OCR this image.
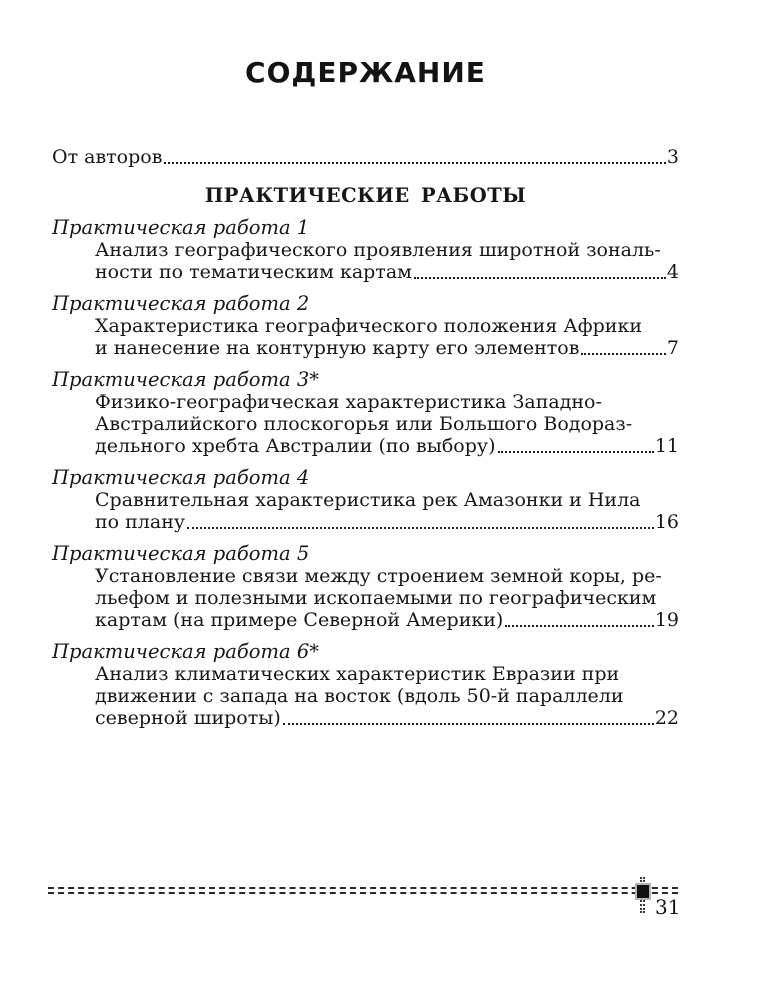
СОДЕРЖАНИЕ
От авторов	3
ПРАКТИЧЕСКИЕ РАБОТЫ
Практическая работа 1
Анализ географического проявления широтной зональ-
ности по тематическим картам	4
Практическая работа 2
Характеристика географического положения Африки
и нанесение на контурную карту его элементов	7
Практическая работа 3*
Физико-географическая характеристика Западно-
Австралийского плоскогорья или Большого Водораз-
дельного хребта Австралии (по выбору)	11
Практическая работа 4
Сравнительная характеристика рек Амазонки и Нила
по плану	16
Практическая работа 5
Установление связи между строением земной коры, ре-
льефом и полезными ископаемыми по географическим
картам (на примере Северной Америки)	19
Практическая работа 6*
Анализ климатических характеристик Евразии при
движении с запада на восток (вдоль 50-й параллели
северной широты)	22
31
